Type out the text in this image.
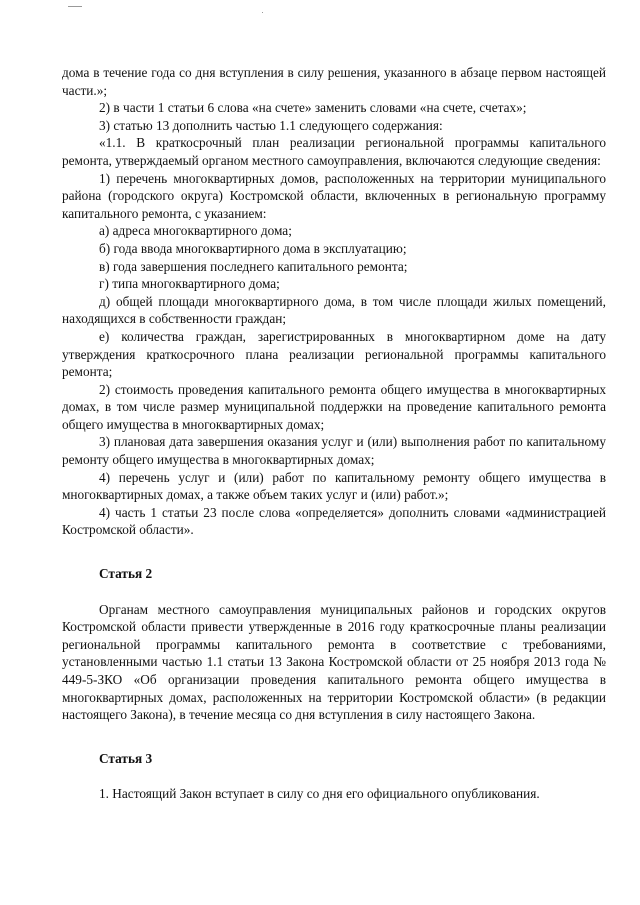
дома в течение года со дня вступления в силу решения, указанного в абзаце первом настоящей части.»;

2) в части 1 статьи 6 слова «на счете» заменить словами «на счете, счетах»;

3) статью 13 дополнить частью 1.1 следующего содержания:

«1.1. В краткосрочный план реализации региональной программы капитального ремонта, утверждаемый органом местного самоуправления, включаются следующие сведения:

1) перечень многоквартирных домов, расположенных на территории муниципального района (городского округа) Костромской области, включенных в региональную программу капитального ремонта, с указанием:

а) адреса многоквартирного дома;

б) года ввода многоквартирного дома в эксплуатацию;

в) года завершения последнего капитального ремонта;

г) типа многоквартирного дома;

д) общей площади многоквартирного дома, в том числе площади жилых помещений, находящихся в собственности граждан;

е) количества граждан, зарегистрированных в многоквартирном доме на дату утверждения краткосрочного плана реализации региональной программы капитального ремонта;

2) стоимость проведения капитального ремонта общего имущества в многоквартирных домах, в том числе размер муниципальной поддержки на проведение капитального ремонта общего имущества в многоквартирных домах;

3) плановая дата завершения оказания услуг и (или) выполнения работ по капитальному ремонту общего имущества в многоквартирных домах;

4) перечень услуг и (или) работ по капитальному ремонту общего имущества в многоквартирных домах, а также объем таких услуг и (или) работ.»;

4) часть 1 статьи 23 после слова «определяется» дополнить словами «администрацией Костромской области».

Статья 2

Органам местного самоуправления муниципальных районов и городских округов Костромской области привести утвержденные в 2016 году краткосрочные планы реализации региональной программы капитального ремонта в соответствие с требованиями, установленными частью 1.1 статьи 13 Закона Костромской области от 25 ноября 2013 года № 449-5-ЗКО «Об организации проведения капитального ремонта общего имущества в многоквартирных домах, расположенных на территории Костромской области» (в редакции настоящего Закона), в течение месяца со дня вступления в силу настоящего Закона.

Статья 3

1. Настоящий Закон вступает в силу со дня его официального опубликования.
